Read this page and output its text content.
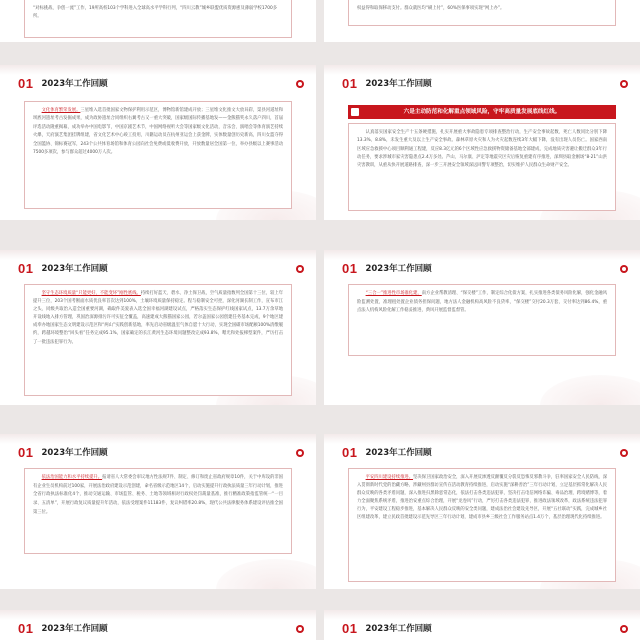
“对标挑战、争创一流”工作，19所高校103个学科进入全球高水平学科行列，“四川云教”城乡联盟优质资源惠及薄弱学校1700多所。
权益得和取保移动支付。群众就医均“刷上付”，60%医保事项实现“网上办”。
01 2023年工作回顾
文化体育繁荣发展。三星堆入选首批国家文物保护利用示范区，博物馆新馆建成开放；三星堆文化推文大放异彩，渠县河道址和坝底河遗址考古发掘成果，成为政协遗址合同组织右翼考古又一重大突破，国家级国际传播基地发——金熊猫奖永久落户四川，首届评选活动隆重揭幕，成功举办中国电影节，中国京剧艺术节，中国网络视听大会等国家级文化活动，音乐会、演唱会等体育演艺持续火爆，天府演艺集团挂牌组建，省文化艺术中心竣工投用，川籍运动员在杭州亚运会上获金牌，实体数量创历史新高，四川女篮夺得全国篮协、锦标赛冠军，243个公共体育场馆和体育公园向社会免费或低收费开放，开放数量居全国第一位，举办县级以上赛事活动7500多项次，参与群众超过4000万人次。
01 2023年工作回顾
六是主动防范和化解重点领域风险，守牢高质量发展底线红线。
认真落实国家安全生产十五条硬措施，扎实开展重大事故隐患专项排查整治行动，生产安全事故起数、死亡人数同比分别下降13.3%、8.8%，未发生重大及以上生产安全事故。森林草原火灾和人为火灾起数连续3年大幅下降，没有出现人员伤亡。国家西南区域应急救援中心项目顺利通工程建，反应8.3亿元的6个区域性应急救援物资储备基地全部建成，完成地质灾害避让搬迁群众3年行动任务，要求涉城市家灾害隐患点2.4万多处。芦山、马尔康、泸定等地震灾区灾后恢复重建有序推进，深圳县取金刚场“8·21”山洪灾害教训，从重从快开展道路排查，深一步三开展安全领域深远回警专项整治，切实维护人民群众生命财产安全。
01 2023年工作回顾
坚守生态环境质量“只能更好、不能变坏”刚性底线。持续打好蓝天、碧水、净土保卫战，空气质量指数列全国第十三位，较上年提升三位，203个国考断面水质优良率首次达到100%，土壤环境质量保持稳定。程与稳制安全可控，深化河湖长制工作，宣布市江之头、同级共取治入造全国重要河湖，确取件美爱表入选全国幸福河湖建设试点，严格落实生态保护红线国家试点，13.7万余草地开设线地入排方管理，巩固治深源排污许可实征全覆盖，高速建成大熊猫国家公园，若尔盖国家公园创建任务基本完成，9个地区建成奉办地国家生态文明建设示范区和“两山”实践创新基地，率先启动省级温室气体自愿十大行动，实现全国碳市场配额100%清缴履约，跨越环境整治“回头看”任务完成95.1%，国家确定的长江黄河生态环境问题整改完成93.8%，嗯光和处报梯型案件，严历打击了一批违法犯罪行为。
01 2023年工作回顾
“三合一”推进性市场准化建，南方企业帮教清理、“保交楼”工作，制定综合化债方案，扎实推进各类债务风险化解，强化金融风险监测处置，准理租处置企业债务担保问题，地方法人金融机构高风险不良贷率，“保交楼”交付20.3万套，交付率达到86.4%，重点法人机构风险化解工作稳妥推进，典风开展监督监督管。
01 2023年工作回顾
依法治国能力和水平持续提升。报请省人大常委会审议地方性法规7件、制定、修订和废止省政府规章10件，关于中库设的非国有企业生员机构前过100家，开展法治政府建设示范创建，命名省级示范地区14个，启动实施提升行政执法质量三年行动计划，推进全省行政执法标准化4个，推动交通运输、市场监管、税务、土地等领域相对行政权处罚裁量基准，推行精准政策指监管统一“一目录、五清单”，开展行政复议质量提升年活动，依法受理案件11183件，复议纠错率20.8%，现代公共法律服务体系建设评估推全国第三位。
01 2023年工作回顾
平安四川建设持续推进。坚决保卫国家政治安全，深入开展反渗透反颠覆反分裂反恐怖反邪教斗争，驻率国家安全人民防线，深入贯彻新时代党的治藏方略，涉藏州县群访宣传在活动教育持续推进，启动实施“深耕善治”三年行动计划，立足基层抓常化解决人民群众反映的各类矛盾问题，深入推进扫黑除恶常态化，依法打击各类违法犯罪，坚决打击电信网络诈骗、毒品治理、跨境赌博等，着力全面聚焦系统矛盾，推进治安重点综合治理，开展“龙卷风”行动，严厉打击各类违法犯罪，推进政法领域改革，政法系统违法犯罪行为，平安建设工程稳步推进，基本解决人民群众反映的安全类问题，建成法治社会建设先导区，开展“五社联动”实践，完成城乡社区组建改革，建立民政首批建设示范先导区三年行动计划，建成市县乡三级社会工作服务站点1.4万个，基层治理现代化持续推进。
01 2023年工作回顾	01 2023年工作回顾
